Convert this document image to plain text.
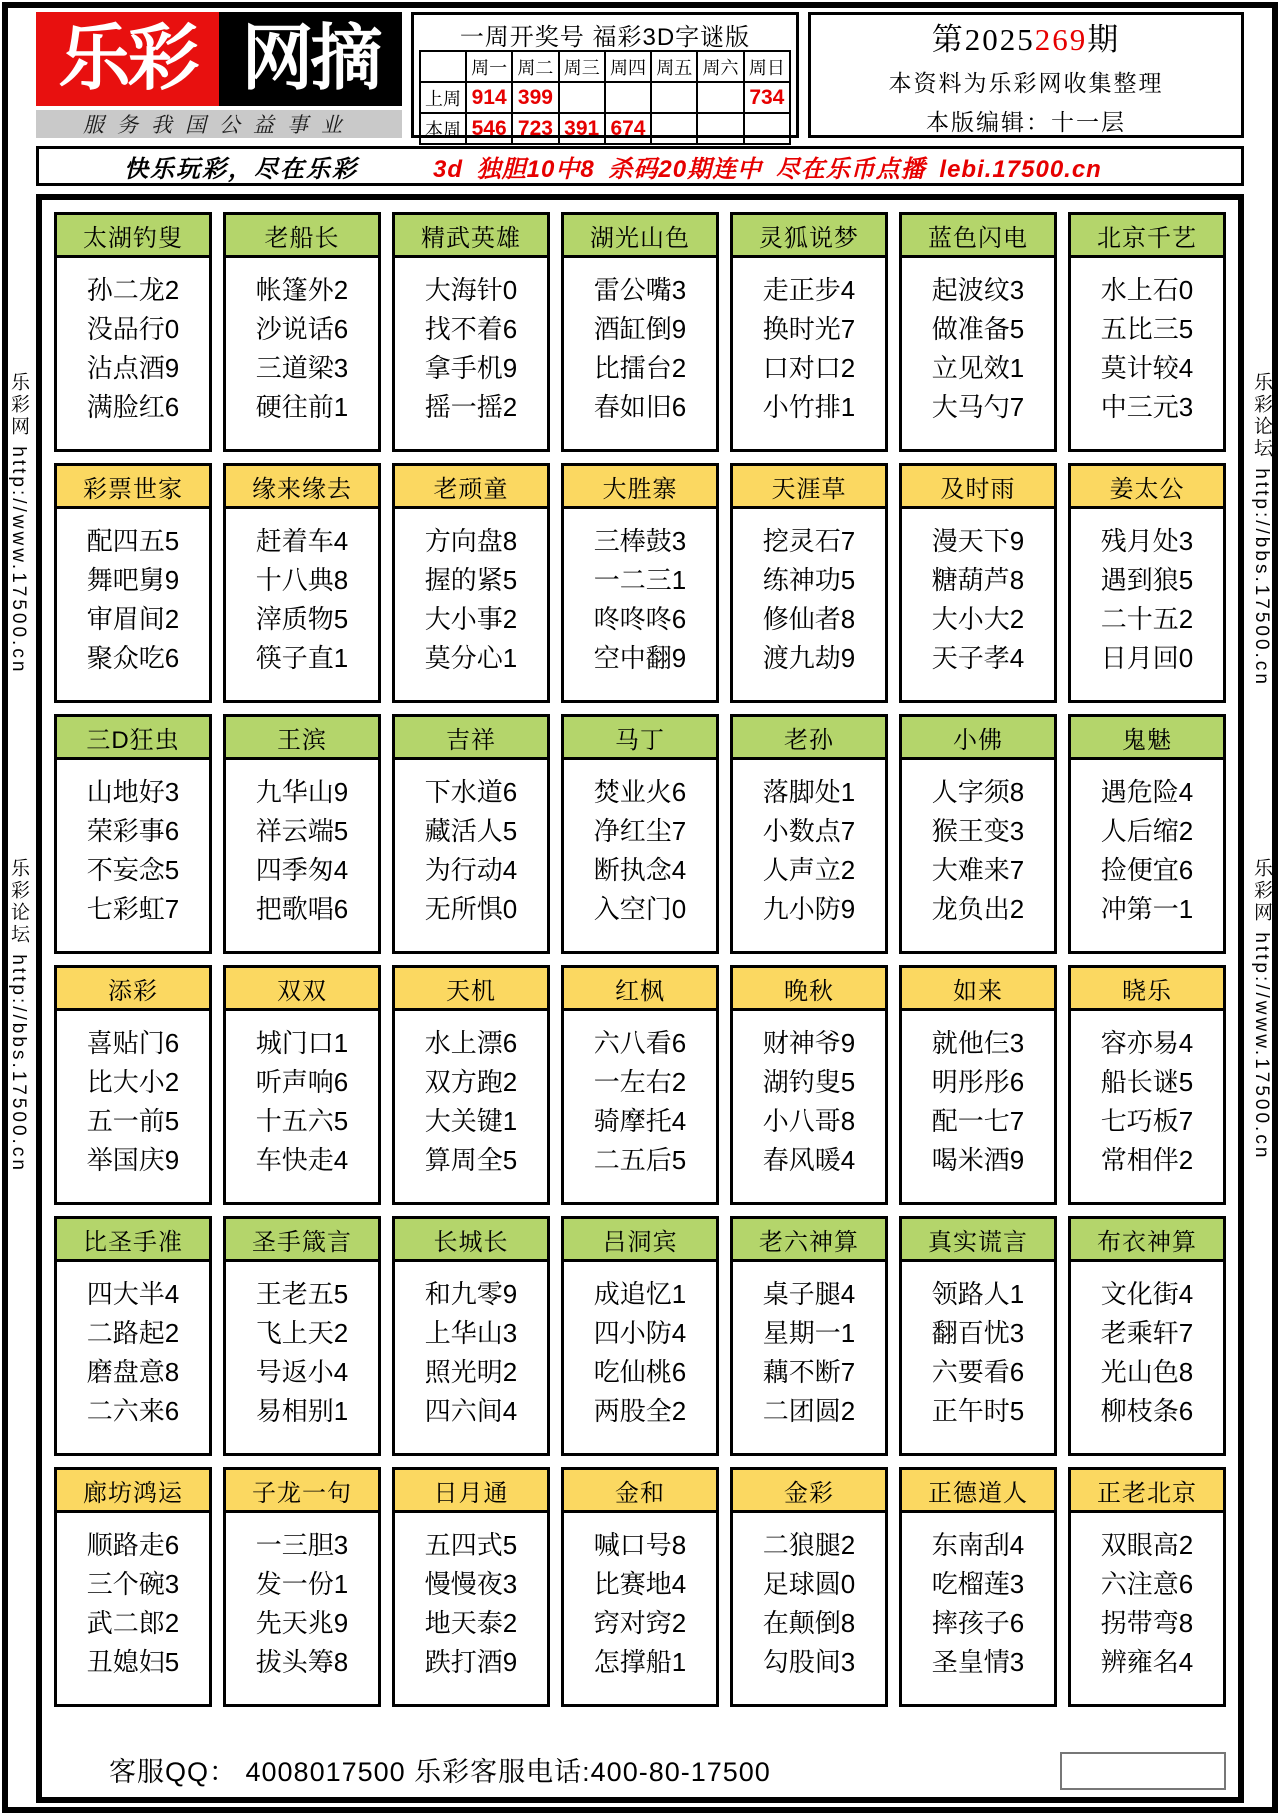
乐彩网 http://www.17500.cn
乐彩论坛 http://bbs.17500.cn
乐彩论坛 http://bbs.17500.cn
乐彩网 http://www.17500.cn
乐彩 网摘
服务我国公益事业
一周开奖号 福彩3D字谜版
	周一	周二	周三	周四	周五	周六	周日
上周	914	399					734
本周	546	723	391	674			
第2025269期
本资料为乐彩网收集整理
本版编辑：十一层
快乐玩彩，尽在乐彩	3d 独胆10中8 杀码20期连中 尽在乐币点播 lebi.17500.cn
太湖钓叟
孙二龙2
没品行0
沾点酒9
满脸红6
老船长
帐篷外2
沙说话6
三道梁3
硬往前1
精武英雄
大海针0
找不着6
拿手机9
摇一摇2
湖光山色
雷公嘴3
酒缸倒9
比擂台2
春如旧6
灵狐说梦
走正步4
换时光7
口对口2
小竹排1
蓝色闪电
起波纹3
做准备5
立见效1
大马勺7
北京千艺
水上石0
五比三5
莫计较4
中三元3
彩票世家
配四五5
舞吧舅9
审眉间2
聚众吃6
缘来缘去
赶着车4
十八典8
滓质物5
筷子直1
老顽童
方向盘8
握的紧5
大小事2
莫分心1
大胜寨
三棒鼓3
一二三1
咚咚咚6
空中翻9
天涯草
挖灵石7
练神功5
修仙者8
渡九劫9
及时雨
漫天下9
糖葫芦8
大小大2
天子孝4
姜太公
残月处3
遇到狼5
二十五2
日月回0
三D狂虫
山地好3
荣彩事6
不妄念5
七彩虹7
王滨
九华山9
祥云端5
四季匆4
把歌唱6
吉祥
下水道6
藏活人5
为行动4
无所惧0
马丁
焚业火6
净红尘7
断执念4
入空门0
老孙
落脚处1
小数点7
人声立2
九小防9
小佛
人字须8
猴王变3
大难来7
龙负出2
鬼魅
遇危险4
人后缩2
捡便宜6
冲第一1
添彩
喜贴门6
比大小2
五一前5
举国庆9
双双
城门口1
听声响6
十五六5
车快走4
天机
水上漂6
双方跑2
大关键1
算周全5
红枫
六八看6
一左右2
骑摩托4
二五后5
晚秋
财神爷9
湖钓叟5
小八哥8
春风暖4
如来
就他仨3
明彤彤6
配一七7
喝米酒9
晓乐
容亦易4
船长谜5
七巧板7
常相伴2
比圣手准
四大半4
二路起2
磨盘意8
二六来6
圣手箴言
王老五5
飞上天2
号返小4
易相别1
长城长
和九零9
上华山3
照光明2
四六间4
吕洞宾
成追忆1
四小防4
吃仙桃6
两股全2
老六神算
桌子腿4
星期一1
藕不断7
二团圆2
真实谎言
领路人1
翻百忧3
六要看6
正午时5
布衣神算
文化街4
老乘轩7
光山色8
柳枝条6
廊坊鸿运
顺路走6
三个碗3
武二郎2
丑媳妇5
子龙一句
一三胆3
发一份1
先天兆9
拔头筹8
日月通
五四式5
慢慢夜3
地天泰2
跌打酒9
金和
喊口号8
比赛地4
窍对窍2
怎撑船1
金彩
二狼腿2
足球圆0
在颠倒8
勾股间3
正德道人
东南刮4
吃榴莲3
摔孩子6
圣皇情3
正老北京
双眼高2
六注意6
拐带弯8
辨雍名4
客服QQ： 4008017500 乐彩客服电话:400-80-17500
